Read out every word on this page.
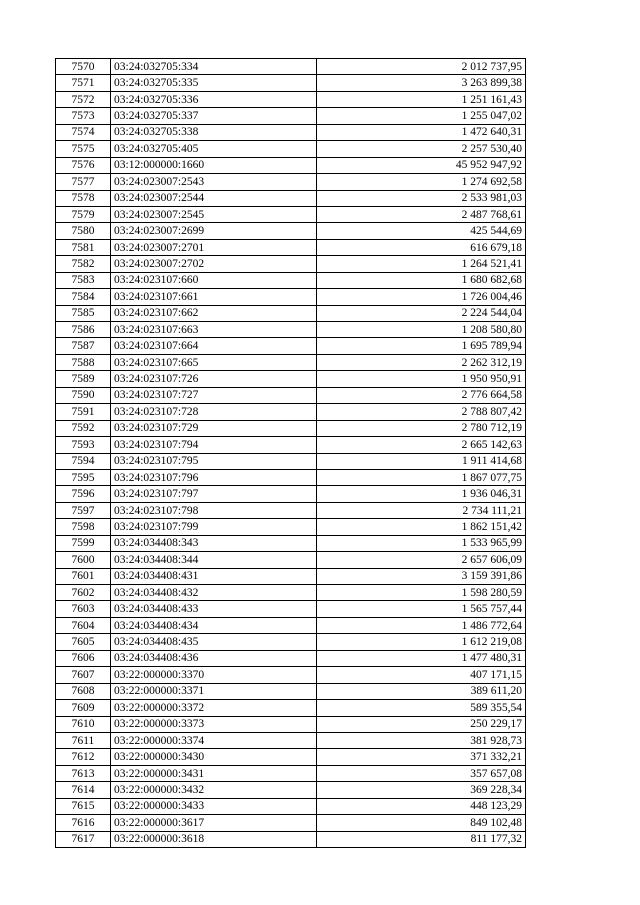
7570	03:24:032705:334	2 012 737,95
7571	03:24:032705:335	3 263 899,38
7572	03:24:032705:336	1 251 161,43
7573	03:24:032705:337	1 255 047,02
7574	03:24:032705:338	1 472 640,31
7575	03:24:032705:405	2 257 530,40
7576	03:12:000000:1660	45 952 947,92
7577	03:24:023007:2543	1 274 692,58
7578	03:24:023007:2544	2 533 981,03
7579	03:24:023007:2545	2 487 768,61
7580	03:24:023007:2699	425 544,69
7581	03:24:023007:2701	616 679,18
7582	03:24:023007:2702	1 264 521,41
7583	03:24:023107:660	1 680 682,68
7584	03:24:023107:661	1 726 004,46
7585	03:24:023107:662	2 224 544,04
7586	03:24:023107:663	1 208 580,80
7587	03:24:023107:664	1 695 789,94
7588	03:24:023107:665	2 262 312,19
7589	03:24:023107:726	1 950 950,91
7590	03:24:023107:727	2 776 664,58
7591	03:24:023107:728	2 788 807,42
7592	03:24:023107:729	2 780 712,19
7593	03:24:023107:794	2 665 142,63
7594	03:24:023107:795	1 911 414,68
7595	03:24:023107:796	1 867 077,75
7596	03:24:023107:797	1 936 046,31
7597	03:24:023107:798	2 734 111,21
7598	03:24:023107:799	1 862 151,42
7599	03:24:034408:343	1 533 965,99
7600	03:24:034408:344	2 657 606,09
7601	03:24:034408:431	3 159 391,86
7602	03:24:034408:432	1 598 280,59
7603	03:24:034408:433	1 565 757,44
7604	03:24:034408:434	1 486 772,64
7605	03:24:034408:435	1 612 219,08
7606	03:24:034408:436	1 477 480,31
7607	03:22:000000:3370	407 171,15
7608	03:22:000000:3371	389 611,20
7609	03:22:000000:3372	589 355,54
7610	03:22:000000:3373	250 229,17
7611	03:22:000000:3374	381 928,73
7612	03:22:000000:3430	371 332,21
7613	03:22:000000:3431	357 657,08
7614	03:22:000000:3432	369 228,34
7615	03:22:000000:3433	448 123,29
7616	03:22:000000:3617	849 102,48
7617	03:22:000000:3618	811 177,32
